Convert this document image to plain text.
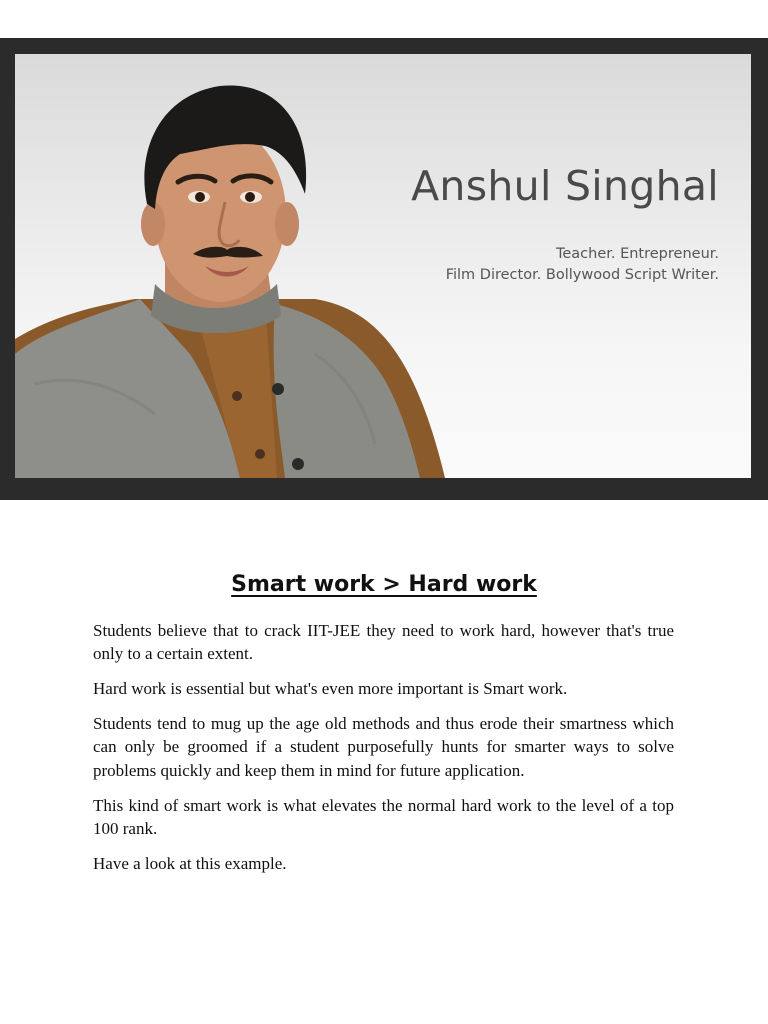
Anshul Singhal
Teacher. Entrepreneur.
Film Director. Bollywood Script Writer.
Smart work > Hard work

Students believe that to crack IIT-JEE they need to work hard, however that's true only to a certain extent.

Hard work is essential but what's even more important is Smart work.

Students tend to mug up the age old methods and thus erode their smartness which can only be groomed if a student purposefully hunts for smarter ways to solve problems quickly and keep them in mind for future application.

This kind of smart work is what elevates the normal hard work to the level of a top 100 rank.

Have a look at this example.
